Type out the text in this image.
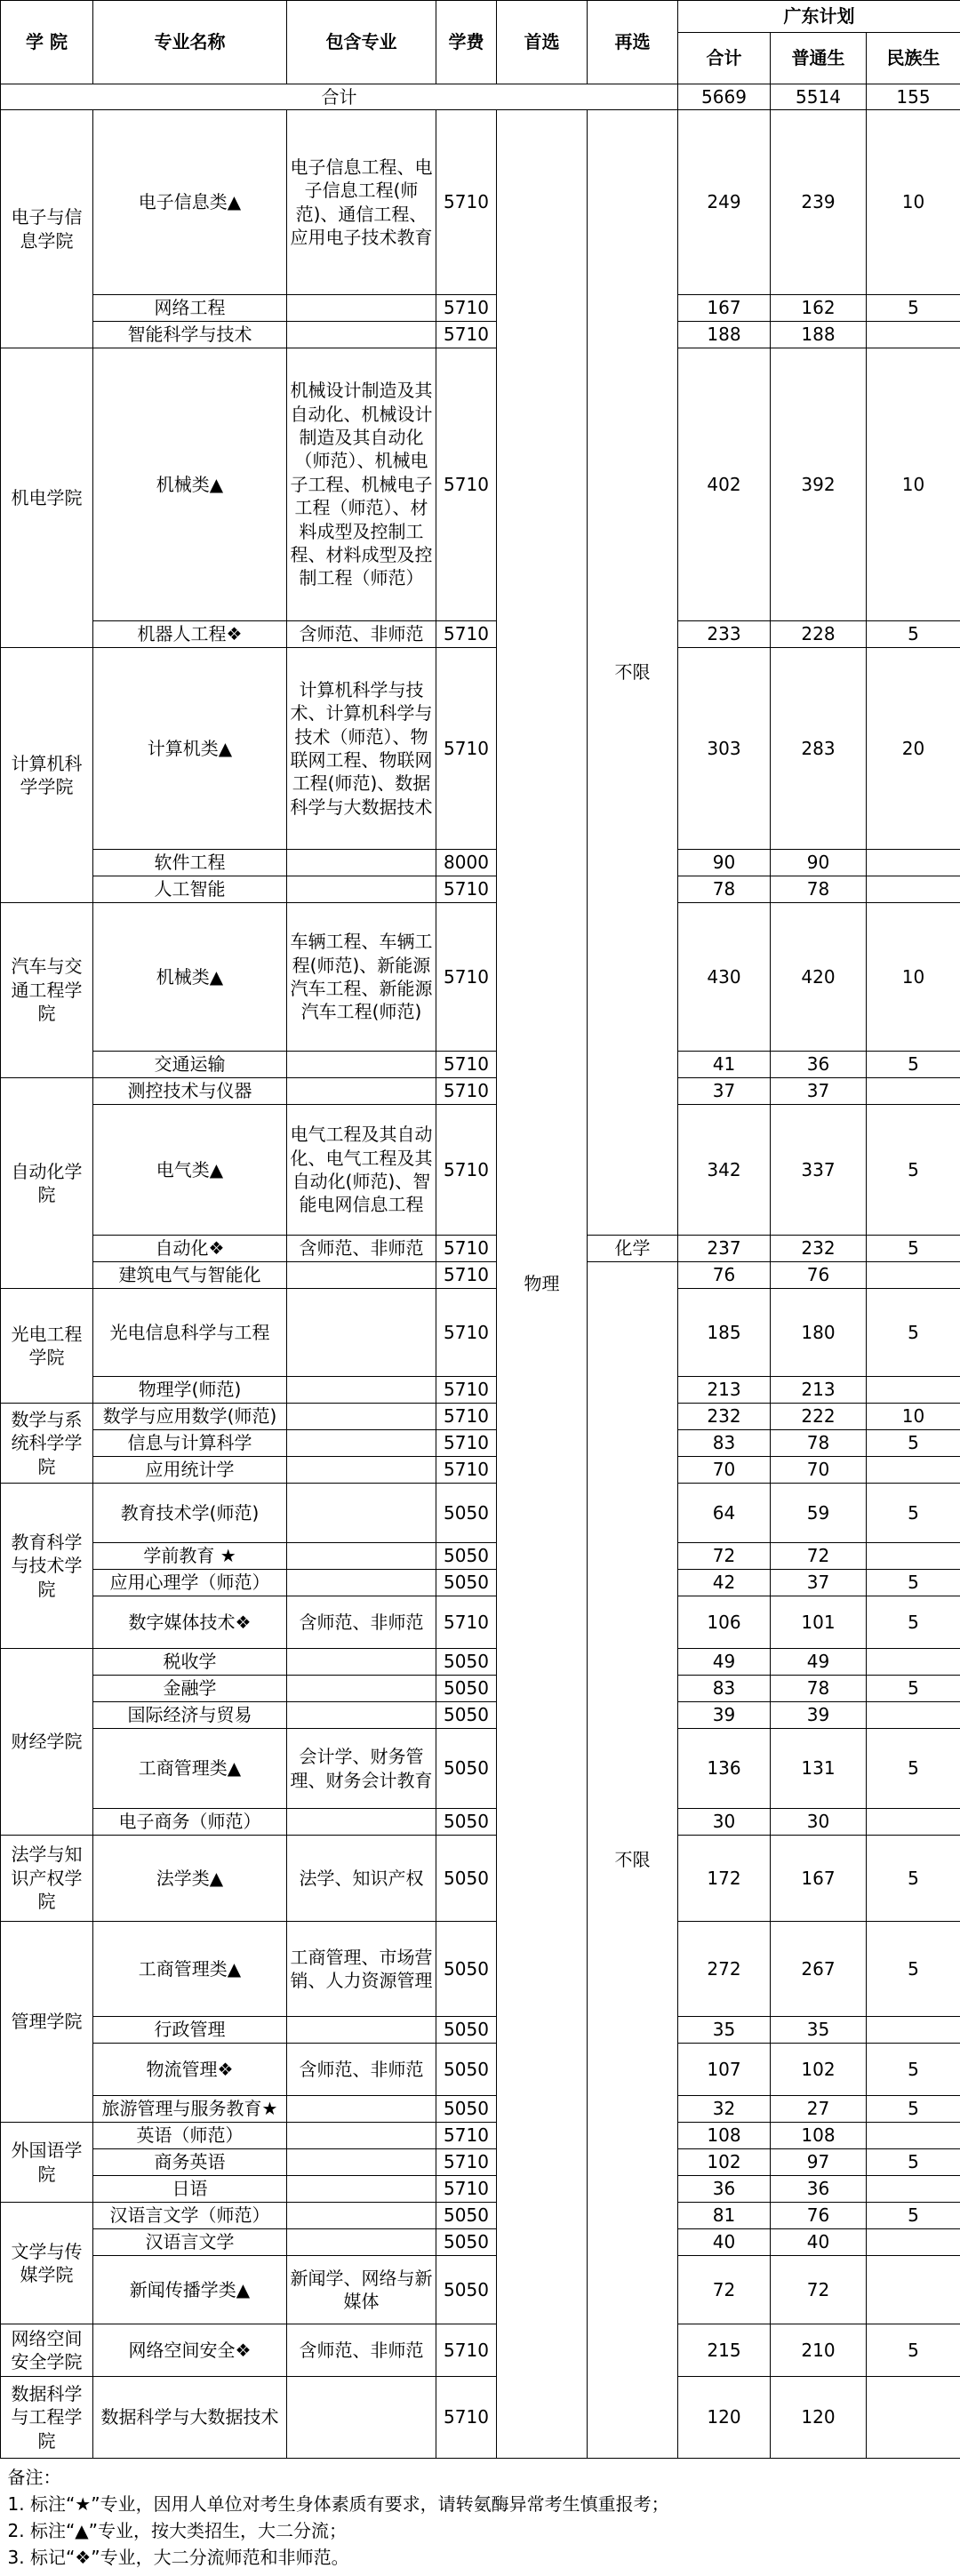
学 院	专业名称	包含专业	学费	首选	再选	广东计划		
						合计	普通生	民族生
合计						5669	5514	155
电子与信息学院	电子信息类▲	电子信息工程、电子信息工程(师范)、通信工程、应用电子技术教育	5710	物理	不限	249	239	10
	网络工程		5710			167	162	5
	智能科学与技术		5710			188	188	
机电学院	机械类▲	机械设计制造及其自动化、机械设计制造及其自动化（师范）、机械电子工程、机械电子工程（师范）、材料成型及控制工程、材料成型及控制工程（师范）	5710			402	392	10
	机器人工程❖	含师范、非师范	5710			233	228	5
计算机科学学院	计算机类▲	计算机科学与技术、计算机科学与技术（师范）、物联网工程、物联网工程(师范)、数据科学与大数据技术	5710			303	283	20
	软件工程		8000			90	90	
	人工智能		5710			78	78	
汽车与交通工程学院	机械类▲	车辆工程、车辆工程(师范)、新能源汽车工程、新能源汽车工程(师范)	5710			430	420	10
	交通运输		5710			41	36	5
自动化学院	测控技术与仪器		5710			37	37	
	电气类▲	电气工程及其自动化、电气工程及其自动化(师范)、智能电网信息工程	5710			342	337	5
	自动化❖	含师范、非师范	5710		化学	237	232	5
	建筑电气与智能化		5710		不限	76	76	
光电工程学院	光电信息科学与工程		5710			185	180	5
	物理学(师范)		5710			213	213	
数学与系统科学学院	数学与应用数学(师范)		5710			232	222	10
	信息与计算科学		5710			83	78	5
	应用统计学		5710			70	70	
教育科学与技术学院	教育技术学(师范)		5050			64	59	5
	学前教育 ★		5050			72	72	
	应用心理学（师范）		5050			42	37	5
	数字媒体技术❖	含师范、非师范	5710			106	101	5
财经学院	税收学		5050			49	49	
	金融学		5050			83	78	5
	国际经济与贸易		5050			39	39	
	工商管理类▲	会计学、财务管理、财务会计教育	5050			136	131	5
	电子商务（师范）		5050			30	30	
法学与知识产权学院	法学类▲	法学、知识产权	5050			172	167	5
管理学院	工商管理类▲	工商管理、市场营销、人力资源管理	5050			272	267	5
	行政管理		5050			35	35	
	物流管理❖	含师范、非师范	5050			107	102	5
	旅游管理与服务教育★		5050			32	27	5
外国语学院	英语（师范）		5710			108	108	
	商务英语		5710			102	97	5
	日语		5710			36	36	
文学与传媒学院	汉语言文学（师范）		5050			81	76	5
	汉语言文学		5050			40	40	
	新闻传播学类▲	新闻学、网络与新媒体	5050			72	72	
网络空间安全学院	网络空间安全❖	含师范、非师范	5710			215	210	5
数据科学与工程学院	数据科学与大数据技术		5710			120	120	

备注：
1. 标注“★”专业，因用人单位对考生身体素质有要求，请转氨酶异常考生慎重报考；
2. 标注“▲”专业，按大类招生，大二分流；
3. 标记“❖”专业，大二分流师范和非师范。								
